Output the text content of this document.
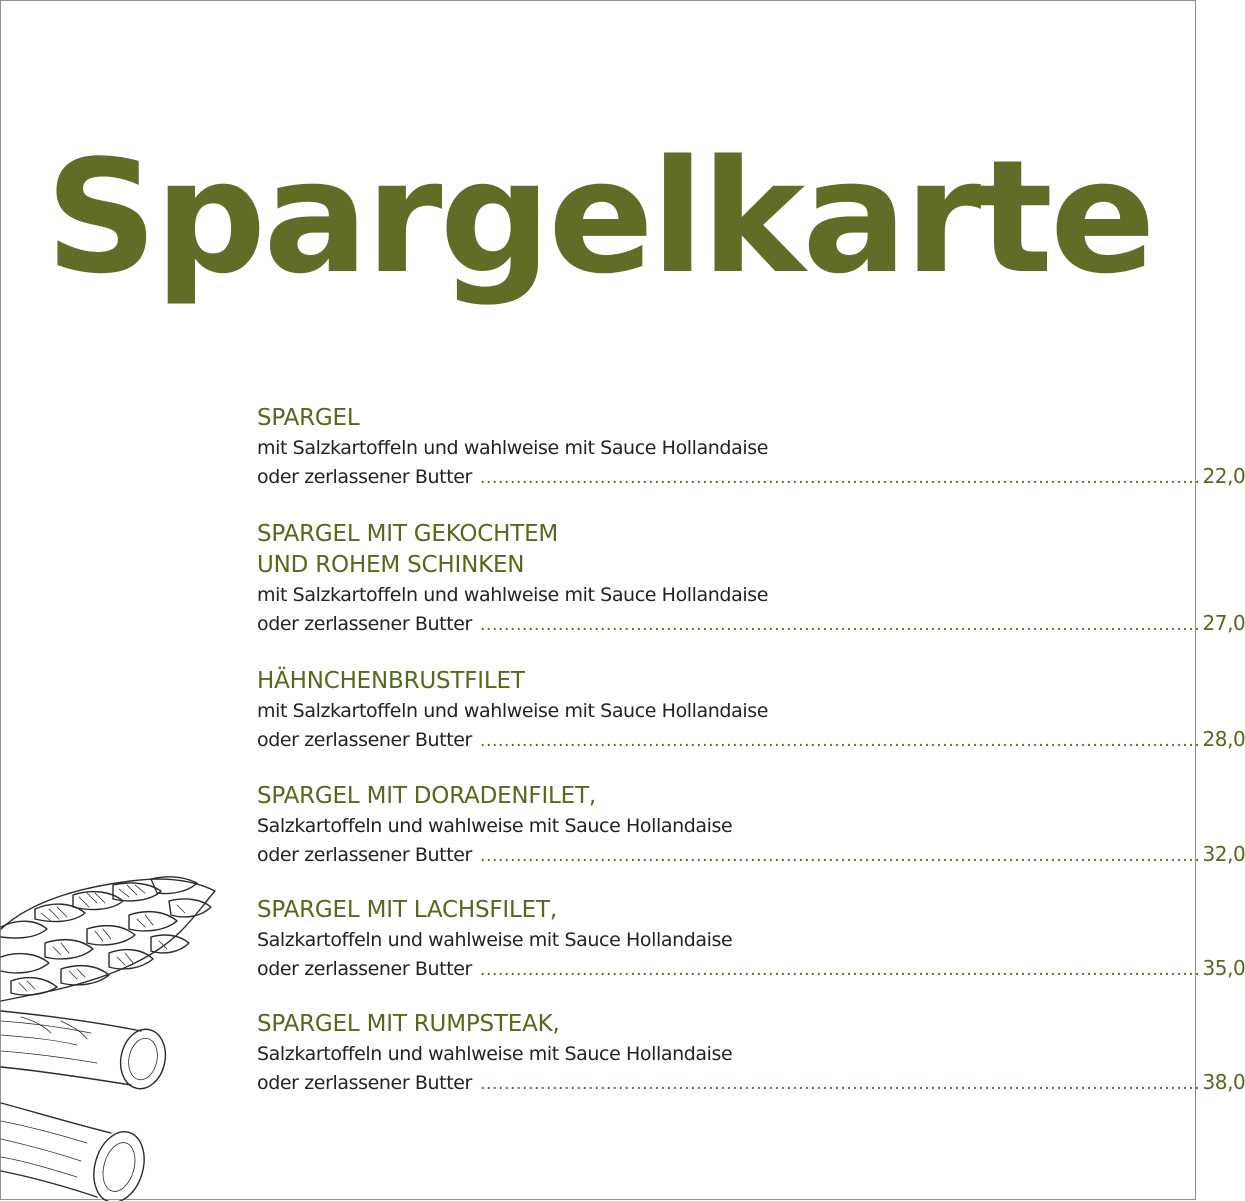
Spargelkarte

SPARGEL

mit Salzkartoffeln und wahlweise mit Sauce Hollandaise

oder zerlassener Butter ........................................................................................................................ 22,0

SPARGEL MIT GEKOCHTEM

UND ROHEM SCHINKEN

mit Salzkartoffeln und wahlweise mit Sauce Hollandaise

oder zerlassener Butter ........................................................................................................................ 27,0

HÄHNCHENBRUSTFILET

mit Salzkartoffeln und wahlweise mit Sauce Hollandaise

oder zerlassener Butter ........................................................................................................................ 28,0

SPARGEL MIT DORADENFILET,

Salzkartoffeln und wahlweise mit Sauce Hollandaise

oder zerlassener Butter ........................................................................................................................ 32,0

SPARGEL MIT LACHSFILET,

Salzkartoffeln und wahlweise mit Sauce Hollandaise

oder zerlassener Butter ........................................................................................................................ 35,0

SPARGEL MIT RUMPSTEAK,

Salzkartoffeln und wahlweise mit Sauce Hollandaise

oder zerlassener Butter ........................................................................................................................ 38,0
